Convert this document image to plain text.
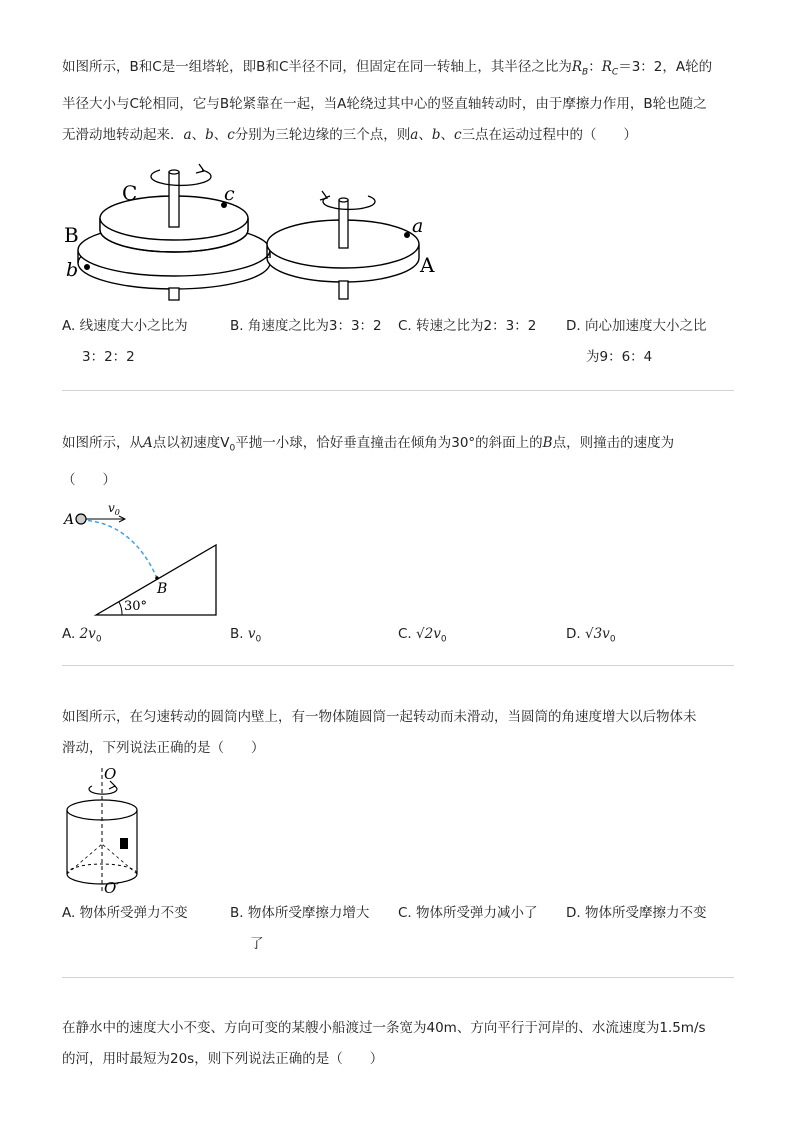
如图所示，B和C是一组塔轮，即B和C半径不同，但固定在同一转轴上，其半径之比为$R_B$：$R_C=3$：2，A轮的
半径大小与C轮相同，它与B轮紧靠在一起，当A轮绕过其中心的竖直轴转动时，由于摩擦力作用，B轮也随之
无滑动地转动起来．a、b、c分别为三轮边缘的三个点，则a、b、c三点在运动过程中的（　　）

C	c
B
b
a
A
A. 线速度大小之比为
3：2：2
B. 角速度之比为3：3：2 C. 转速之比为2：3：2 D. 向心加速度大小之比
为9：6：4

如图所示，从A点以初速度$V_0$平抛一小球，恰好垂直撞击在倾角为30°的斜面上的B点，则撞击的速度为
（　　）

A
$v_0$
B
30°
A. $2v_0$	B. $v_0$	C. $√2v_0$	D. $√3v_0$

如图所示，在匀速转动的圆筒内壁上，有一物体随圆筒一起转动而未滑动，当圆筒的角速度增大以后物体未
滑动，下列说法正确的是（　　）

O
O′
A. 物体所受弹力不变	B. 物体所受摩擦力增大
了
C. 物体所受弹力减小了 D. 物体所受摩擦力不变

在静水中的速度大小不变、方向可变的某艘小船渡过一条宽为40m、方向平行于河岸的、水流速度为1.5m/s
的河，用时最短为20s，则下列说法正确的是（　　）
